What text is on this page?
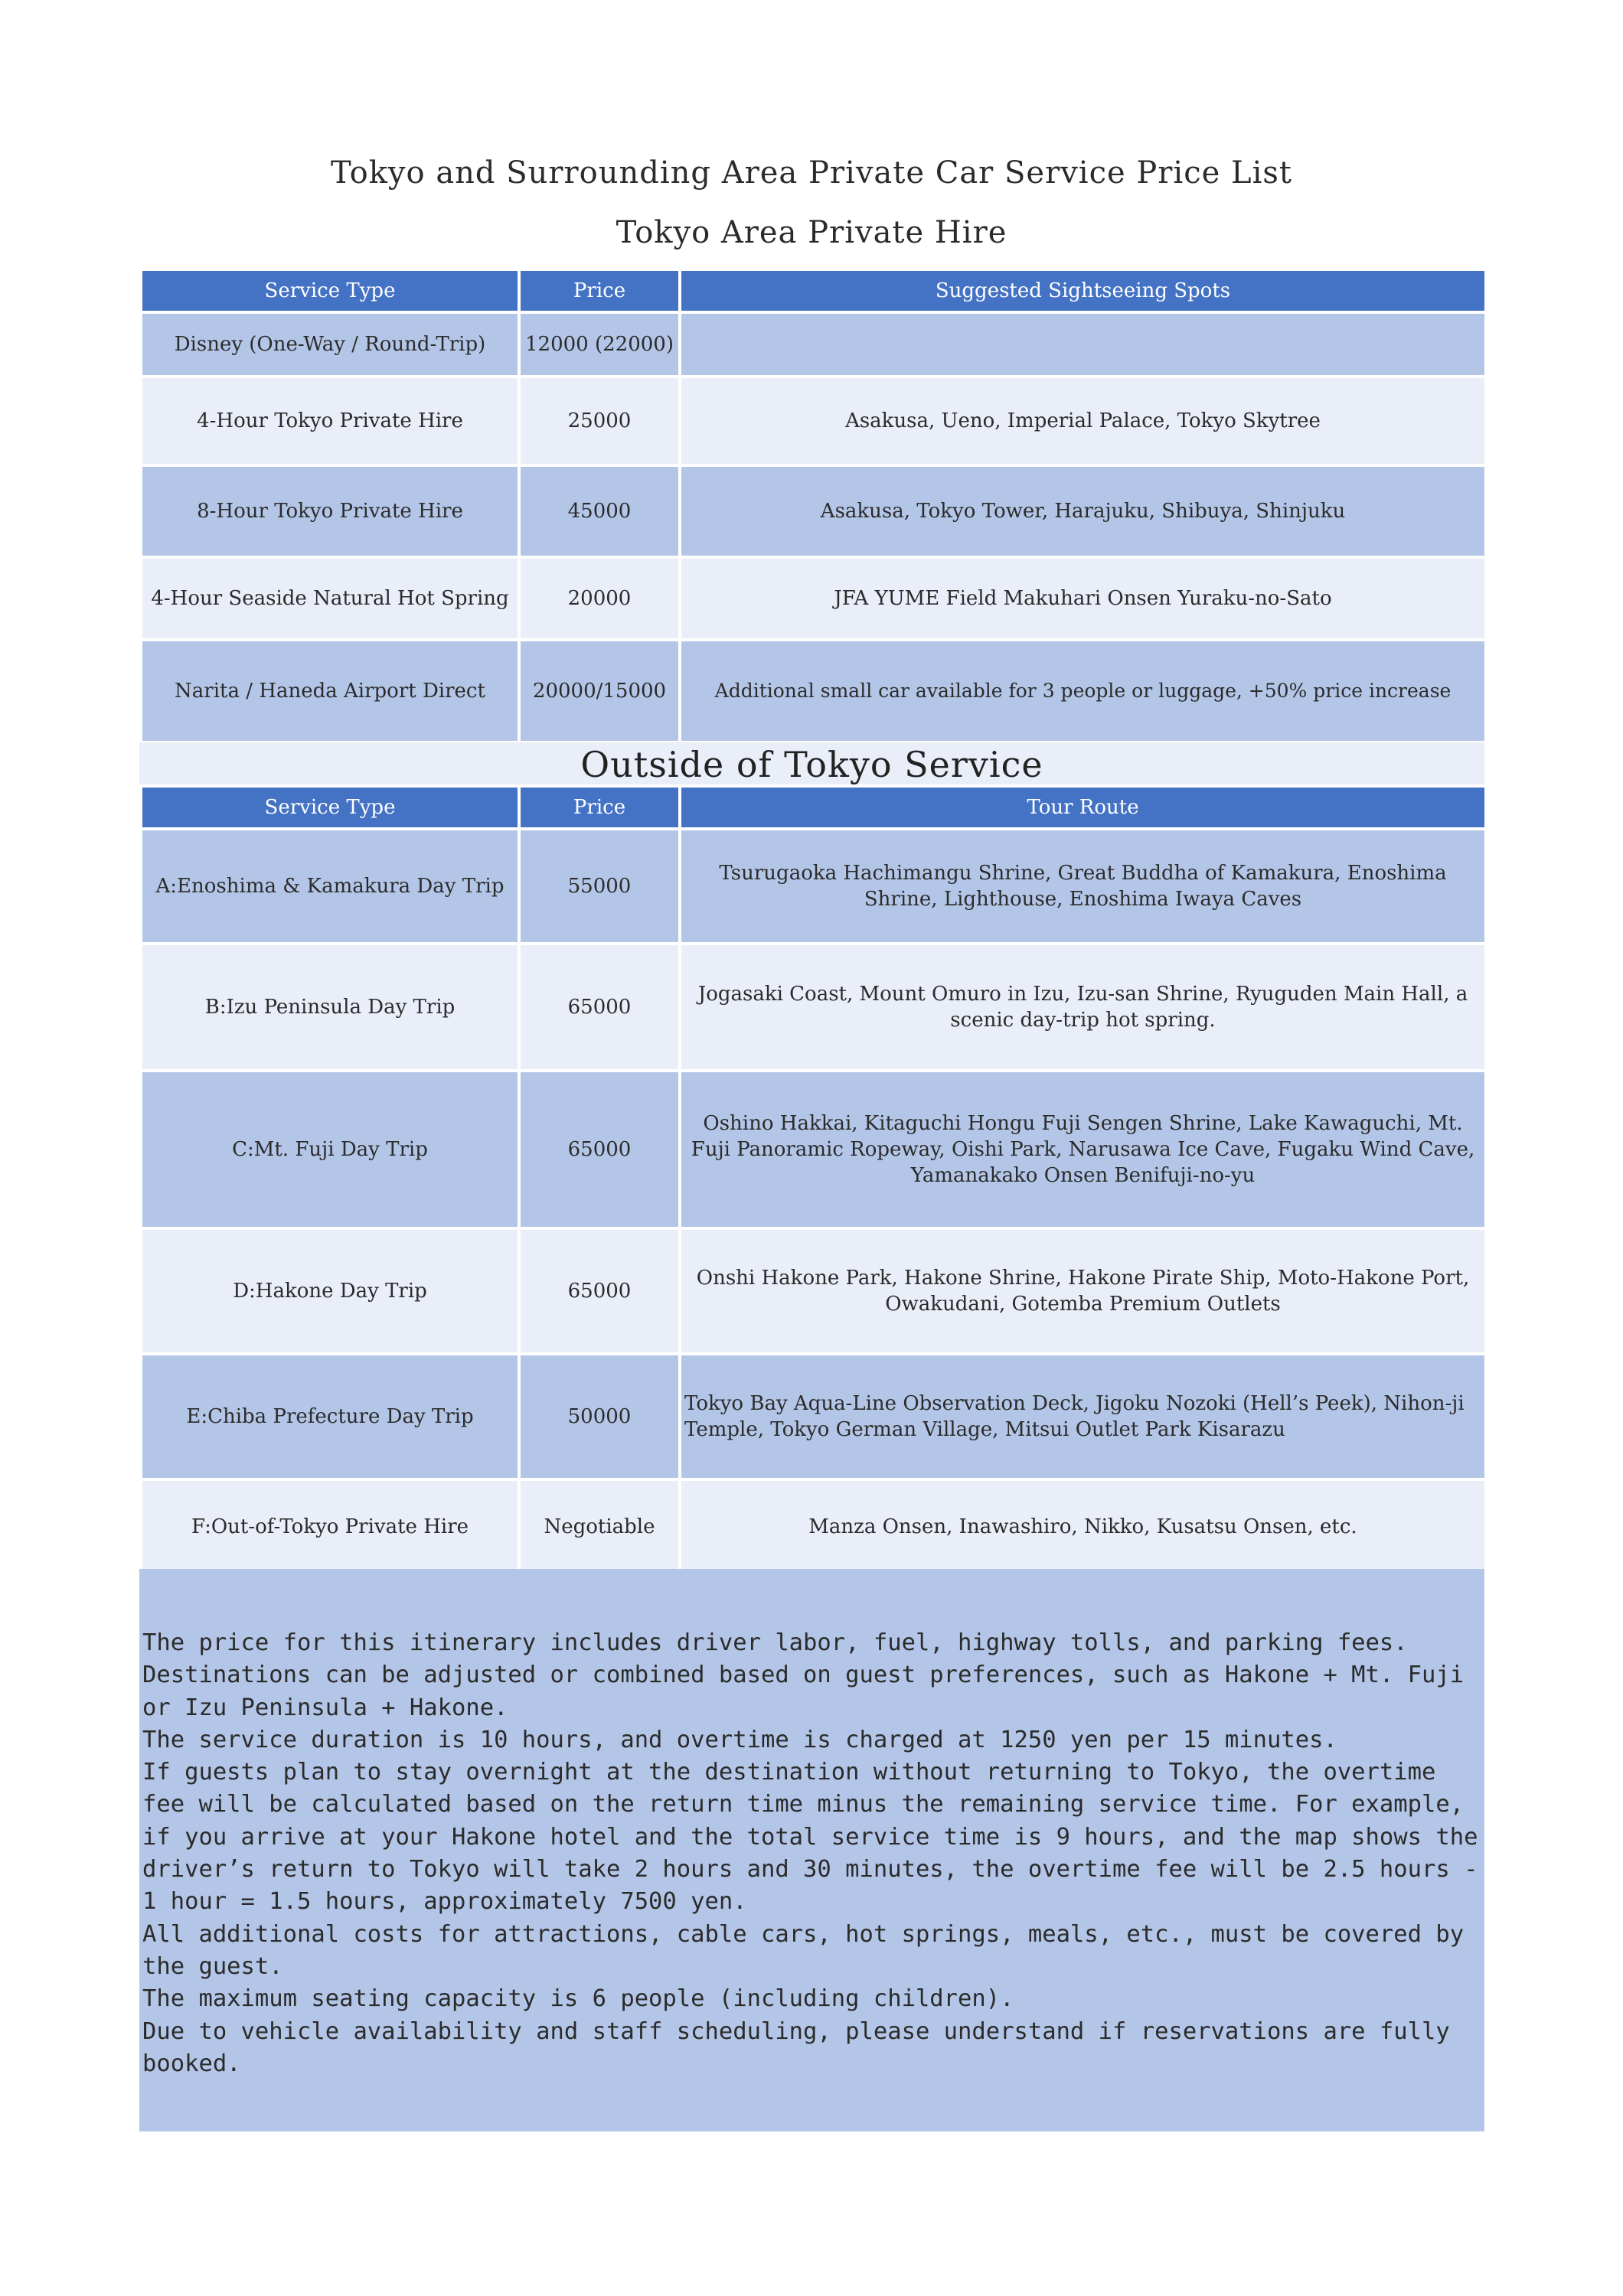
Tokyo and Surrounding Area Private Car Service Price List
Tokyo Area Private Hire
Service Type	Price	Suggested Sightseeing Spots
Disney (One-Way / Round-Trip)	12000 (22000)	
4-Hour Tokyo Private Hire	25000	Asakusa, Ueno, Imperial Palace, Tokyo Skytree
8-Hour Tokyo Private Hire	45000	Asakusa, Tokyo Tower, Harajuku, Shibuya, Shinjuku
4-Hour Seaside Natural Hot Spring	20000	JFA YUME Field Makuhari Onsen Yuraku-no-Sato
Narita / Haneda Airport Direct	20000/15000	Additional small car available for 3 people or luggage, +50% price increase
Outside of Tokyo Service
Service Type	Price	Tour Route
A:Enoshima & Kamakura Day Trip	55000	Tsurugaoka Hachimangu Shrine, Great Buddha of Kamakura, Enoshima Shrine, Lighthouse, Enoshima Iwaya Caves
B:Izu Peninsula Day Trip	65000	Jogasaki Coast, Mount Omuro in Izu, Izu-san Shrine, Ryuguden Main Hall, a scenic day-trip hot spring.
C:Mt. Fuji Day Trip	65000	Oshino Hakkai, Kitaguchi Hongu Fuji Sengen Shrine, Lake Kawaguchi, Mt. Fuji Panoramic Ropeway, Oishi Park, Narusawa Ice Cave, Fugaku Wind Cave, Yamanakako Onsen Benifuji-no-yu
D:Hakone Day Trip	65000	Onshi Hakone Park, Hakone Shrine, Hakone Pirate Ship, Moto-Hakone Port, Owakudani, Gotemba Premium Outlets
E:Chiba Prefecture Day Trip	50000	Tokyo Bay Aqua-Line Observation Deck, Jigoku Nozoki (Hell’s Peek), Nihon-ji Temple, Tokyo German Village, Mitsui Outlet Park Kisarazu
F:Out-of-Tokyo Private Hire	Negotiable	Manza Onsen, Inawashiro, Nikko, Kusatsu Onsen, etc.

The price for this itinerary includes driver labor, fuel, highway tolls, and parking fees.

Destinations can be adjusted or combined based on guest preferences, such as Hakone + Mt. Fuji or Izu Peninsula + Hakone.

The service duration is 10 hours, and overtime is charged at 1250 yen per 15 minutes.

If guests plan to stay overnight at the destination without returning to Tokyo, the overtime fee will be calculated based on the return time minus the remaining service time. For example, if you arrive at your Hakone hotel and the total service time is 9 hours, and the map shows the driver’s return to Tokyo will take 2 hours and 30 minutes, the overtime fee will be 2.5 hours - 1 hour = 1.5 hours, approximately 7500 yen.

All additional costs for attractions, cable cars, hot springs, meals, etc., must be covered by the guest.

The maximum seating capacity is 6 people (including children).

Due to vehicle availability and staff scheduling, please understand if reservations are fully booked.
